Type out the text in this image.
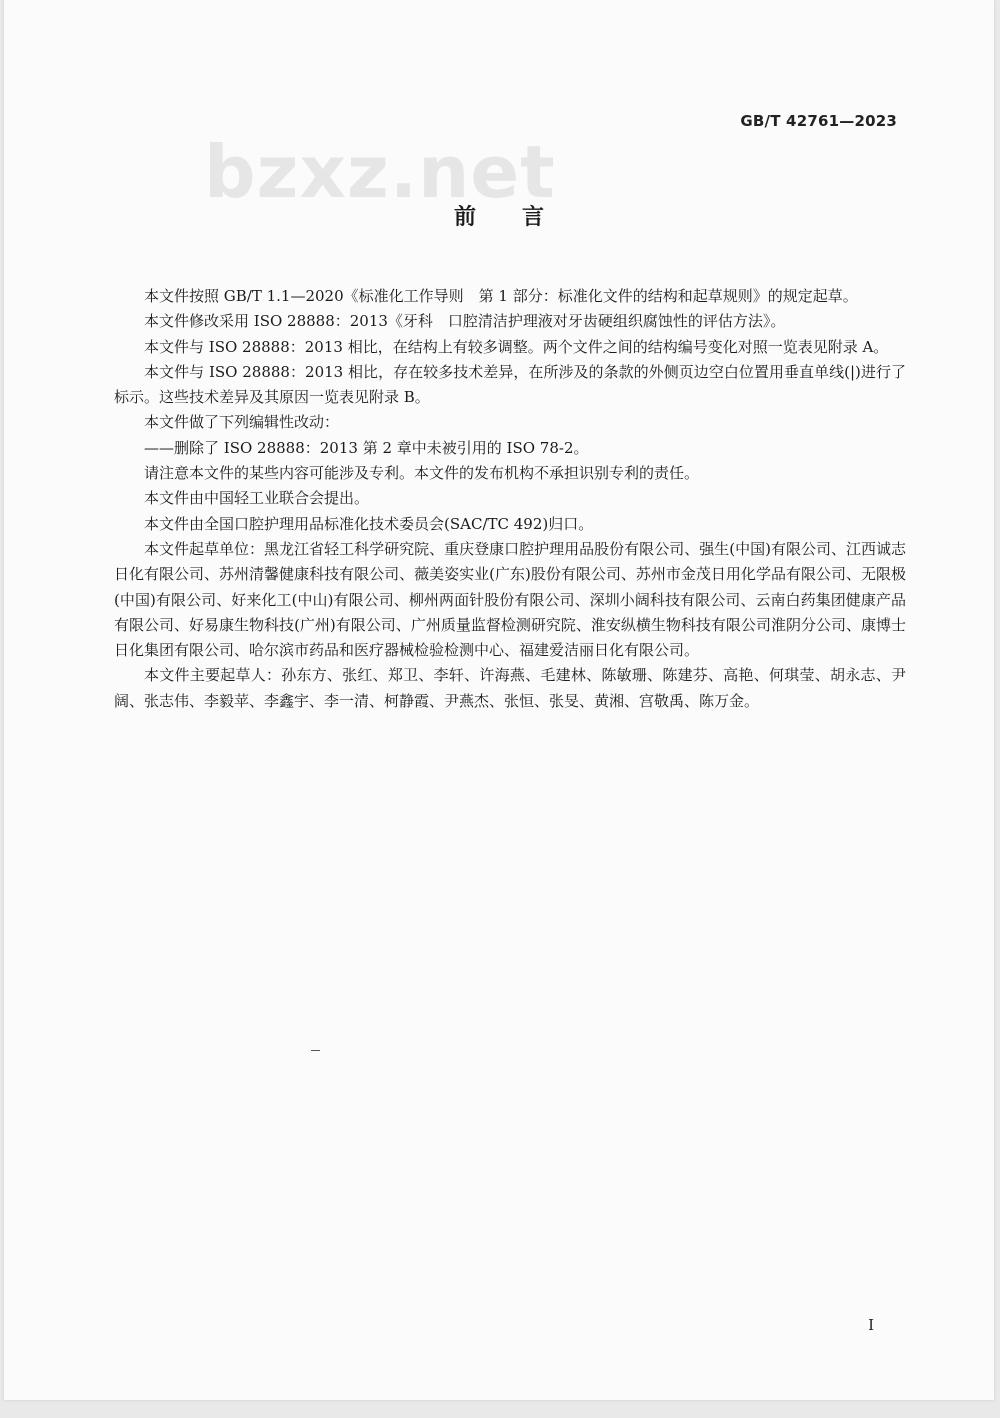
bzxz.net
GB/T 42761—2023
前言

本文件按照 GB/T 1.1—2020《标准化工作导则　第 1 部分：标准化文件的结构和起草规则》的规定起草。

本文件修改采用 ISO 28888：2013《牙科　口腔清洁护理液对牙齿硬组织腐蚀性的评估方法》。

本文件与 ISO 28888：2013 相比，在结构上有较多调整。两个文件之间的结构编号变化对照一览表见附录 A。

本文件与 ISO 28888：2013 相比，存在较多技术差异，在所涉及的条款的外侧页边空白位置用垂直单线(|)进行了标示。这些技术差异及其原因一览表见附录 B。

本文件做了下列编辑性改动：

——删除了 ISO 28888：2013 第 2 章中未被引用的 ISO 78-2。

请注意本文件的某些内容可能涉及专利。本文件的发布机构不承担识别专利的责任。

本文件由中国轻工业联合会提出。

本文件由全国口腔护理用品标准化技术委员会(SAC/TC 492)归口。

本文件起草单位：黑龙江省轻工科学研究院、重庆登康口腔护理用品股份有限公司、强生(中国)有限公司、江西诚志日化有限公司、苏州清馨健康科技有限公司、薇美姿实业(广东)股份有限公司、苏州市金茂日用化学品有限公司、无限极(中国)有限公司、好来化工(中山)有限公司、柳州两面针股份有限公司、深圳小阔科技有限公司、云南白药集团健康产品有限公司、好易康生物科技(广州)有限公司、广州质量监督检测研究院、淮安纵横生物科技有限公司淮阴分公司、康博士日化集团有限公司、哈尔滨市药品和医疗器械检验检测中心、福建爱洁丽日化有限公司。

本文件主要起草人：孙东方、张红、郑卫、李轩、许海燕、毛建林、陈敏珊、陈建芬、高艳、何琪莹、胡永志、尹阔、张志伟、李毅苹、李鑫宇、李一清、柯静霞、尹燕杰、张恒、张旻、黄湘、宫敬禹、陈万金。

I
